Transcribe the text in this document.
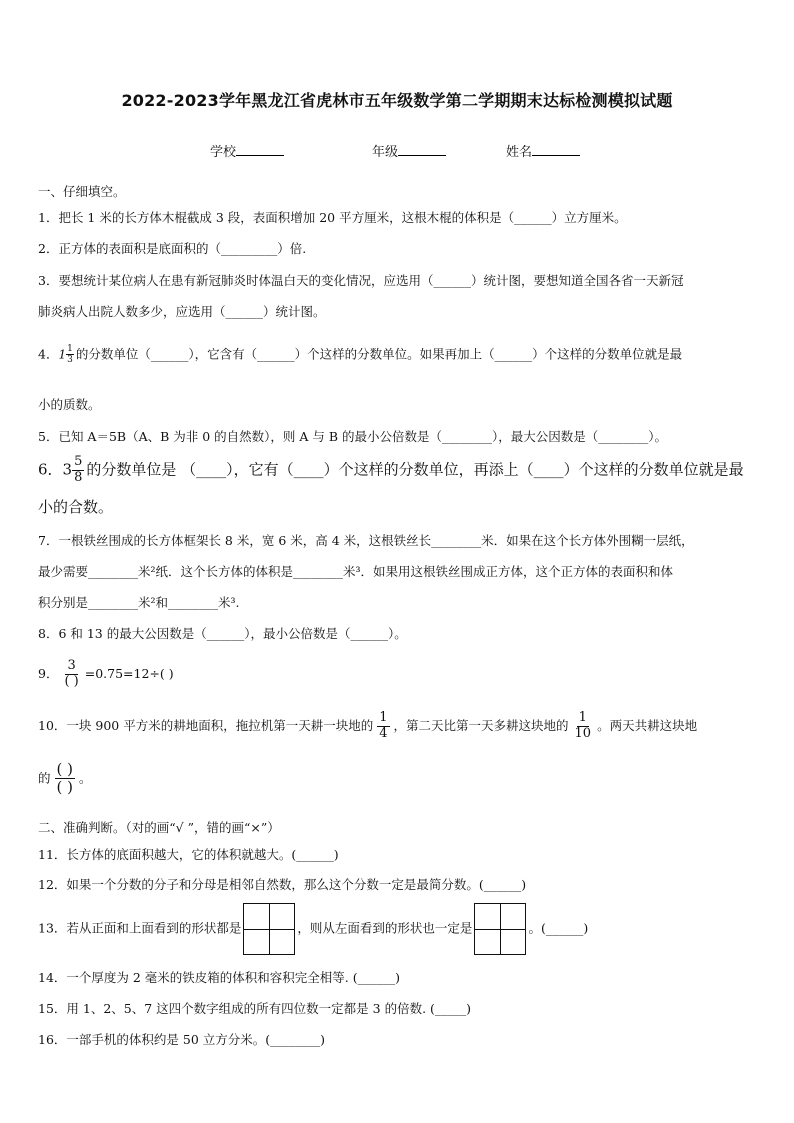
2022-2023学年黑龙江省虎林市五年级数学第二学期期末达标检测模拟试题
学校	年级	姓名
一、仔细填空。
1．把长 1 米的长方体木棍截成 3 段，表面积增加 20 平方厘米，这根木棍的体积是（______）立方厘米。
2．正方体的表面积是底面积的（_________）倍.
3．要想统计某位病人在患有新冠肺炎时体温白天的变化情况，应选用（______）统计图，要想知道全国各省一天新冠
肺炎病人出院人数多少，应选用（______）统计图。
4．$1 \frac{1}{3}$ 的分数单位（______），它含有（______）个这样的分数单位。如果再加上（______）个这样的分数单位就是最
小的质数。
5．已知 A＝5B（A、B 为非 0 的自然数），则 A 与 B 的最小公倍数是（________），最大公因数是（________）。
6．$3 \frac{5}{8}$ 的分数单位是 （____），它有（____）个这样的分数单位，再添上（____）个这样的分数单位就是最
小的合数。
7．一根铁丝围成的长方体框架长 8 米，宽 6 米，高 4 米，这根铁丝长________米．如果在这个长方体外围糊一层纸，
最少需要________米²纸．这个长方体的体积是________米³．如果用这根铁丝围成正方体，这个正方体的表面积和体
积分别是________米²和________米³.
8．6 和 13 的最大公因数是（______），最小公倍数是（______）。
9． $\frac{3}{( )} =0.75=12\div$( )
10．一块 900 平方米的耕地面积，拖拉机第一天耕一块地的 $\frac{1}{4}$ ，第二天比第一天多耕这块地的 $\frac{1}{10}$ 。两天共耕这块地
的 $\frac{( )}{( )}$ 。
二、准确判断。（对的画“√ ”，错的画“×”）
11．长方体的底面积越大，它的体积就越大。(______)
12．如果一个分数的分子和分母是相邻自然数，那么这个分数一定是最简分数。(______)
13．若从正面和上面看到的形状都是	，则从左面看到的形状也一定是	。(______)
14．一个厚度为 2 毫米的铁皮箱的体积和容积完全相等. (______)
15．用 1、2、5、7 这四个数字组成的所有四位数一定都是 3 的倍数. (_____)
16．一部手机的体积约是 50 立方分米。(________)
